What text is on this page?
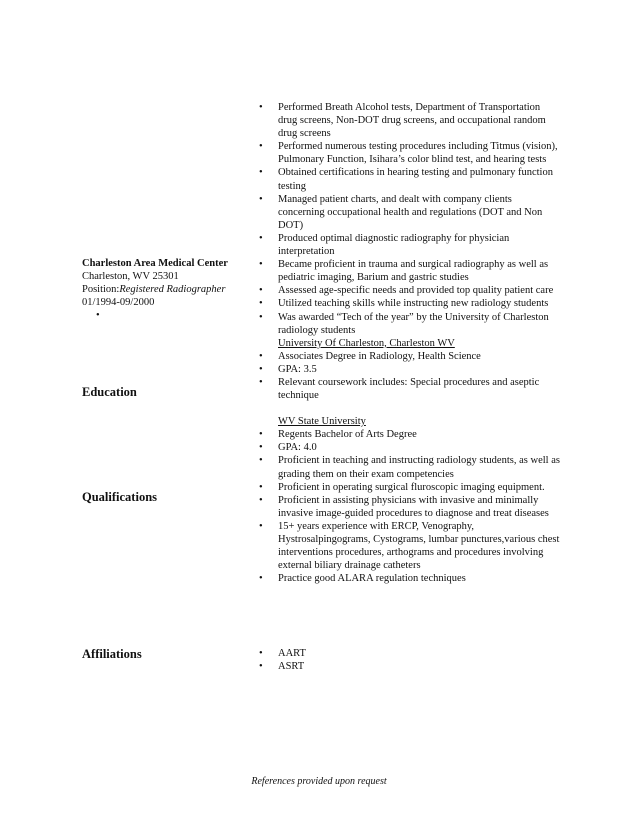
Charleston Area Medical Center
Charleston, WV 25301
Position:Registered Radiographer
01/1994-09/2000
•
Education
Qualifications
Affiliations
•	Performed Breath Alcohol tests, Department of Transportation drug screens, Non-DOT drug screens, and occupational random drug screens
•	Performed numerous testing procedures including Titmus (vision), Pulmonary Function, Isihara’s color blind test, and hearing tests
•	Obtained certifications in hearing testing and pulmonary function testing
•	Managed patient charts, and dealt with company clients concerning occupational health and regulations (DOT and Non DOT)
•	Produced optimal diagnostic radiography for physician interpretation
•	Became proficient in trauma and surgical radiography as well as pediatric imaging, Barium and gastric studies
•	Assessed age-specific needs and provided top quality patient care
•	Utilized teaching skills while instructing new radiology students
•	Was awarded “Tech of the year” by the University of Charleston radiology students
University Of Charleston, Charleston WV
•	Associates Degree in Radiology, Health Science
•	GPA: 3.5
•	Relevant coursework includes: Special procedures and aseptic technique
WV State University
•	Regents Bachelor of Arts Degree
•	GPA: 4.0
•	Proficient in teaching and instructing radiology students, as well as grading them on their exam competencies
•	Proficient in operating surgical fluroscopic imaging equipment.
•	Proficient in assisting physicians with invasive and minimally invasive image-guided procedures to diagnose and treat diseases
•	15+ years experience with ERCP, Venography, Hystrosalpingograms, Cystograms, lumbar punctures,various chest interventions procedures, arthograms and procedures involving external biliary drainage catheters
•	Practice good ALARA regulation techniques
•	AART
•	ASRT
References provided upon request
